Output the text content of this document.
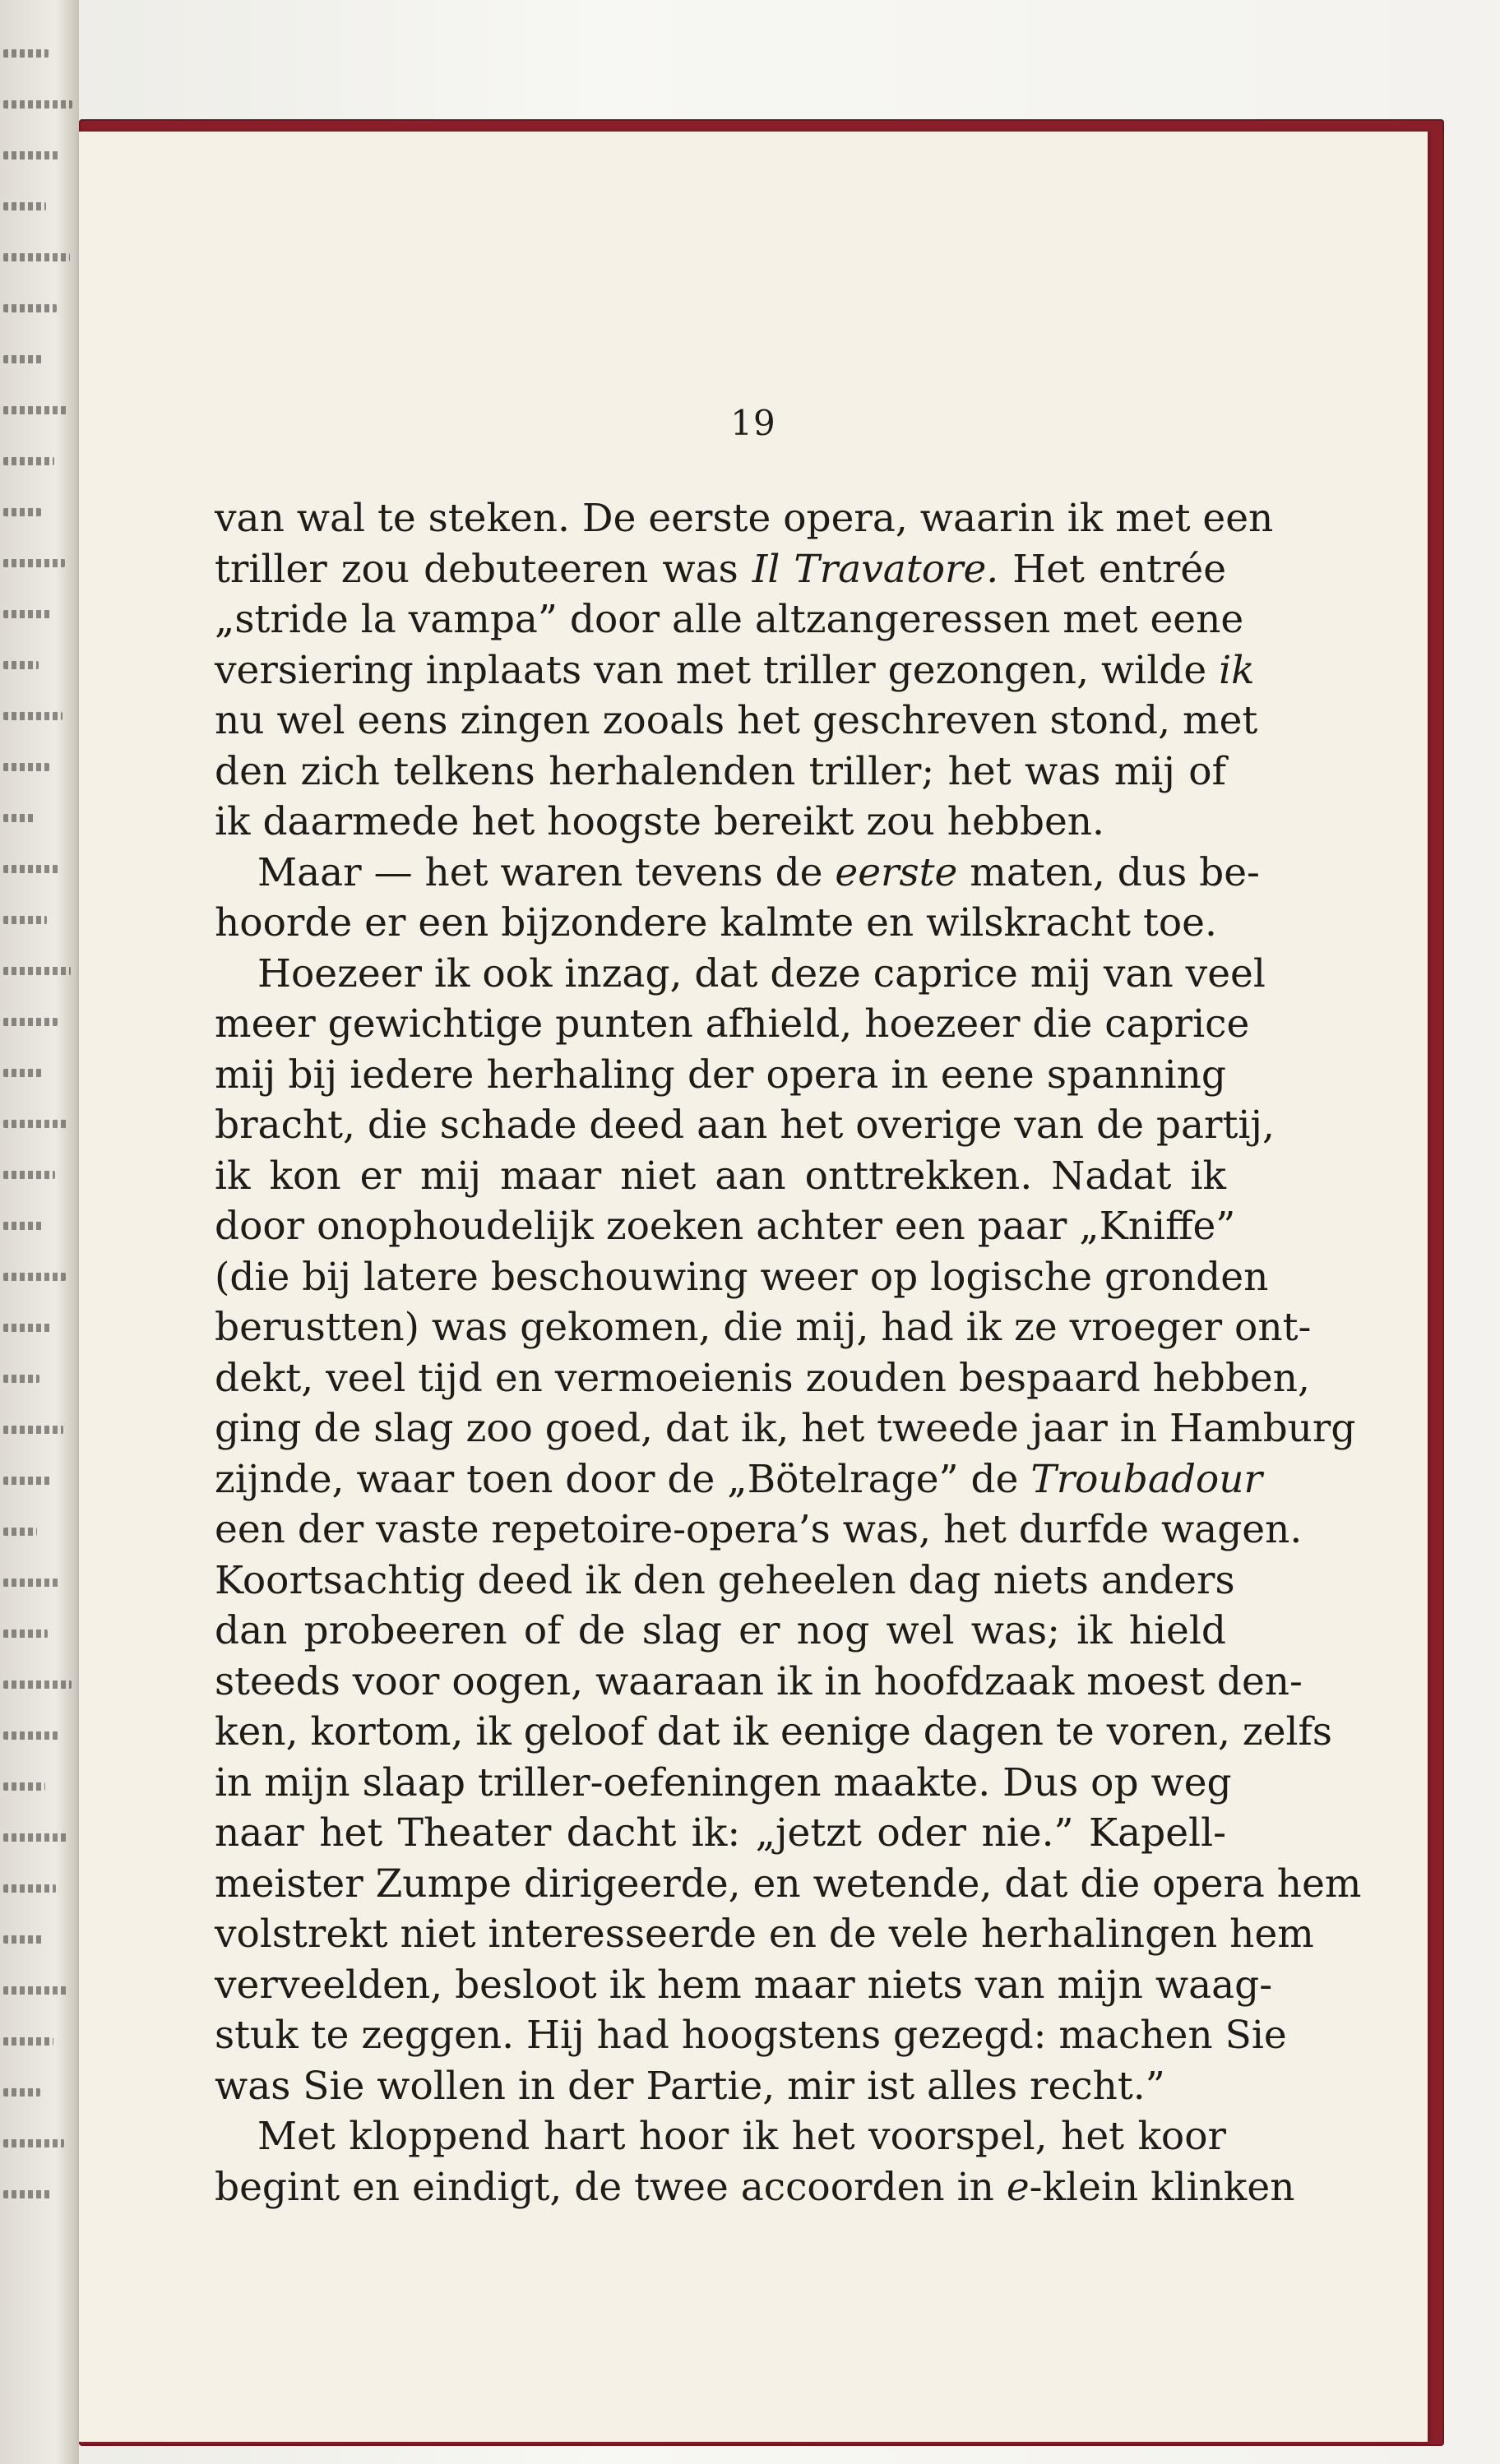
19
van wal te steken. De eerste opera, waarin ik met een
triller zou debuteeren was Il Travatore. Het entrée
„stride la vampa” door alle altzangeressen met eene
versiering inplaats van met triller gezongen, wilde ik
nu wel eens zingen zooals het geschreven stond, met
den zich telkens herhalenden triller; het was mij of
ik daarmede het hoogste bereikt zou hebben.
Maar — het waren tevens de eerste maten, dus be-
hoorde er een bijzondere kalmte en wilskracht toe.
Hoezeer ik ook inzag, dat deze caprice mij van veel
meer gewichtige punten afhield, hoezeer die caprice
mij bij iedere herhaling der opera in eene spanning
bracht, die schade deed aan het overige van de partij,
ik kon er mij maar niet aan onttrekken. Nadat ik
door onophoudelijk zoeken achter een paar „Kniffe”
(die bij latere beschouwing weer op logische gronden
berustten) was gekomen, die mij, had ik ze vroeger ont-
dekt, veel tijd en vermoeienis zouden bespaard hebben,
ging de slag zoo goed, dat ik, het tweede jaar in Hamburg
zijnde, waar toen door de „Bötelrage” de Troubadour
een der vaste repetoire-opera’s was, het durfde wagen.
Koortsachtig deed ik den geheelen dag niets anders
dan probeeren of de slag er nog wel was; ik hield
steeds voor oogen, waaraan ik in hoofdzaak moest den-
ken, kortom, ik geloof dat ik eenige dagen te voren, zelfs
in mijn slaap triller-oefeningen maakte. Dus op weg
naar het Theater dacht ik: „jetzt oder nie.” Kapell-
meister Zumpe dirigeerde, en wetende, dat die opera hem
volstrekt niet interesseerde en de vele herhalingen hem
verveelden, besloot ik hem maar niets van mijn waag-
stuk te zeggen. Hij had hoogstens gezegd: machen Sie
was Sie wollen in der Partie, mir ist alles recht.”
Met kloppend hart hoor ik het voorspel, het koor
begint en eindigt, de twee accoorden in e-klein klinken
